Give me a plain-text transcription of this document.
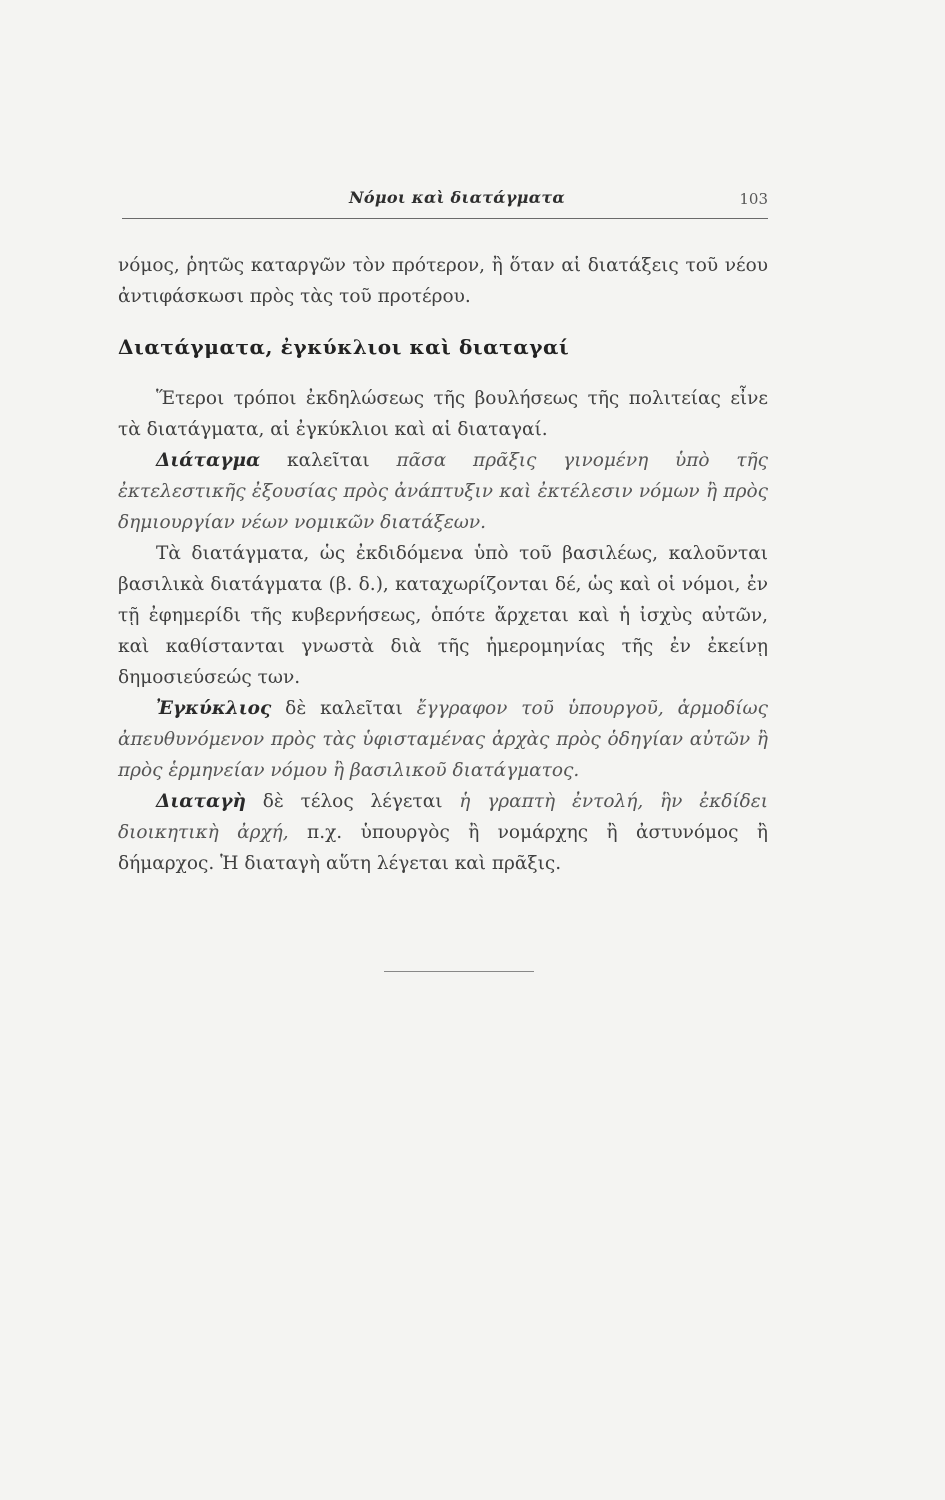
Νόμοι καὶ διατάγματα	103

νόμος, ῥητῶς καταργῶν τὸν πρότερον, ἢ ὅταν αἱ διατάξεις τοῦ νέου ἀντιφάσκωσι πρὸς τὰς τοῦ προτέρου.

Διατάγματα, ἐγκύκλιοι καὶ διαταγαί

Ἕτεροι τρόποι ἐκδηλώσεως τῆς βουλήσεως τῆς πολιτείας εἶνε τὰ διατάγματα, αἱ ἐγκύκλιοι καὶ αἱ διαταγαί.

Διάταγμα καλεῖται πᾶσα πρᾶξις γινομένη ὑπὸ τῆς ἐκτελεστικῆς ἐξουσίας πρὸς ἀνάπτυξιν καὶ ἐκτέλεσιν νόμων ἢ πρὸς δημιουργίαν νέων νομικῶν διατάξεων.

Τὰ διατάγματα, ὡς ἐκδιδόμενα ὑπὸ τοῦ βασιλέως, καλοῦνται βασιλικὰ διατάγματα (β. δ.), καταχωρίζονται δέ, ὡς καὶ οἱ νόμοι, ἐν τῇ ἐφημερίδι τῆς κυβερνήσεως, ὁπότε ἄρχεται καὶ ἡ ἰσχὺς αὐτῶν, καὶ καθίστανται γνωστὰ διὰ τῆς ἡμερομηνίας τῆς ἐν ἐκείνῃ δημοσιεύσεώς των.

Ἐγκύκλιος δὲ καλεῖται ἔγγραφον τοῦ ὑπουργοῦ, ἁρμοδίως ἀπευθυνόμενον πρὸς τὰς ὑφισταμένας ἀρχὰς πρὸς ὁδηγίαν αὐτῶν ἢ πρὸς ἑρμηνείαν νόμου ἢ βασιλικοῦ διατάγματος.

Διαταγὴ δὲ τέλος λέγεται ἡ γραπτὴ ἐντολή, ἣν ἐκδίδει διοικητικὴ ἀρχή, π.χ. ὑπουργὸς ἢ νομάρχης ἢ ἀστυνόμος ἢ δήμαρχος. Ἡ διαταγὴ αὕτη λέγεται καὶ πρᾶξις.
